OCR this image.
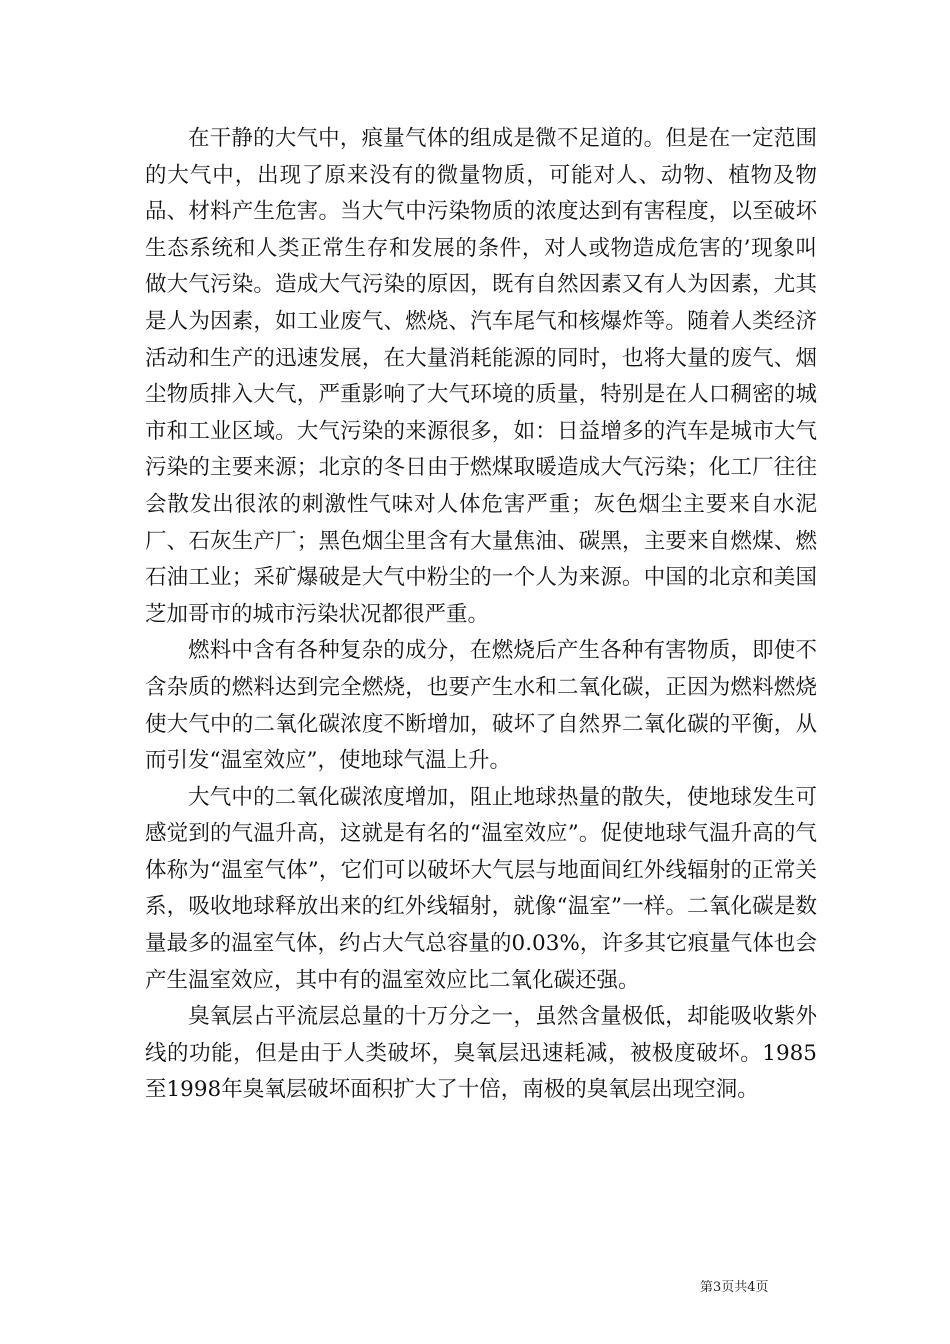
在干静的大气中，痕量气体的组成是微不足道的。但是在一定范围的大气中，出现了原来没有的微量物质，可能对人、动物、植物及物品、材料产生危害。当大气中污染物质的浓度达到有害程度，以至破坏生态系统和人类正常生存和发展的条件，对人或物造成危害的’现象叫做大气污染。造成大气污染的原因，既有自然因素又有人为因素，尤其是人为因素，如工业废气、燃烧、汽车尾气和核爆炸等。随着人类经济活动和生产的迅速发展，在大量消耗能源的同时，也将大量的废气、烟尘物质排入大气，严重影响了大气环境的质量，特别是在人口稠密的城市和工业区域。大气污染的来源很多，如：日益增多的汽车是城市大气污染的主要来源；北京的冬日由于燃煤取暖造成大气污染；化工厂往往会散发出很浓的刺激性气味对人体危害严重；灰色烟尘主要来自水泥厂、石灰生产厂；黑色烟尘里含有大量焦油、碳黑，主要来自燃煤、燃石油工业；采矿爆破是大气中粉尘的一个人为来源。中国的北京和美国芝加哥市的城市污染状况都很严重。

燃料中含有各种复杂的成分，在燃烧后产生各种有害物质，即使不含杂质的燃料达到完全燃烧，也要产生水和二氧化碳，正因为燃料燃烧使大气中的二氧化碳浓度不断增加，破坏了自然界二氧化碳的平衡，从而引发“温室效应”，使地球气温上升。

大气中的二氧化碳浓度增加，阻止地球热量的散失，使地球发生可感觉到的气温升高，这就是有名的“温室效应”。促使地球气温升高的气体称为“温室气体”，它们可以破坏大气层与地面间红外线辐射的正常关系，吸收地球释放出来的红外线辐射，就像“温室”一样。二氧化碳是数量最多的温室气体，约占大气总容量的0.03%，许多其它痕量气体也会产生温室效应，其中有的温室效应比二氧化碳还强。

臭氧层占平流层总量的十万分之一，虽然含量极低，却能吸收紫外线的功能，但是由于人类破坏，臭氧层迅速耗减，被极度破坏。1985至1998年臭氧层破坏面积扩大了十倍，南极的臭氧层出现空洞。

第3页共4页
